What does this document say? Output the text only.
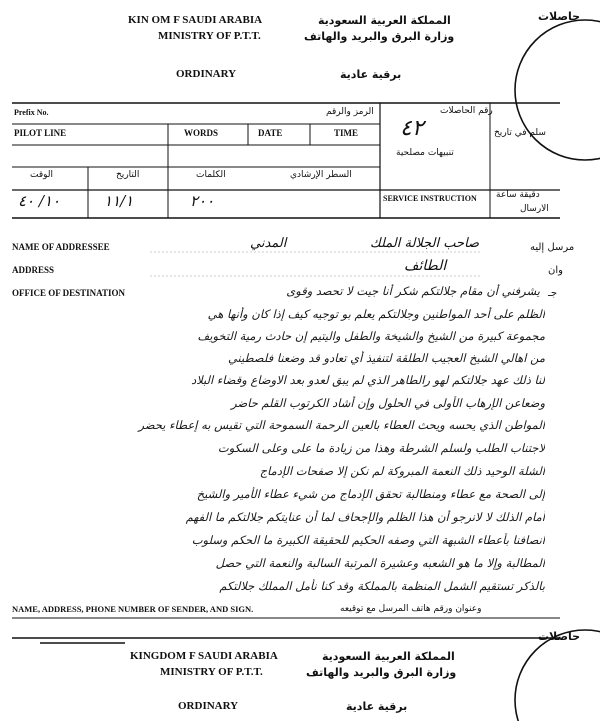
KIN OM F SAUDI ARABIA
MINISTRY OF P.T.T.
المملكة العربية السعودية
وزارة البرق والبريد والهاتف
حاصلات
ORDINARY	برقية عادية
Prefix No.	الرمز والرقم	رقم الحاصلات
٤٢	سلم في تاريخ
PILOT LINE	WORDS	DATE	TIME
تنبيهات مصلحية
الوقت	التاريخ	الكلمات	السطر الإرشادي
SERVICE INSTRUCTION دقيقة ساعة
الارسال
١٠/ ٤٠	١١/١	٢٠٠
NAME OF ADDRESSEE	المدني	صاحب الجلالة الملك	مرسل إليه
ADDRESS	الطائف	وان
OFFICE OF DESTINATION	جـ
يشرفني أن مقام جلالتكم شكر أنا جيت لا تحصد وقوى
الظلم على أحد المواطنين وجلالتكم يعلم بو توجيه كيف إذا كان وأنها هي
مجموعة كبيرة من الشيخ والشيخة والطفل واليتيم إن حادث رمية التخويف
من اهالي الشيخ العجيب الطلقة لتنفيذ أي تعادو قد وضعنا فلصطيني
لنا ذلك عهد جلالتكم لهو رالطاهر الذي لم يبق لعدو بعد الاوضاع وقضاء البلاد
وضعاعن الإرهاب الأولى في الحلول وإن أشاد الكرتوب القلم حاضر
المواطن الذي يحسه ويحث العطاء بالعين الرحمة السموحة التي تقيس به إعطاء يحضر
لاجتناب الطلب ولسلم الشرطة وهذا من زيادة ما على وعلى السكوت
الشلة الوحيد ذلك النعمة المبروكة لم نكن إلا صفحات الإدماج
إلى الصحة مع عطاء ومنطالبة تحقق الإدماج من شيء عطاء الأمير والشيخ
أمام الذلك لا لانرجو أن هذا الظلم والإجحاف لما أن عنايتكم جلالتكم ما الفهم
انصافنا بأعطاء الشبهة التي وصفه الحكيم للحقيقة الكبيرة ما الحكم وسلوب
المطالبة وإلا ما هو الشعبه وعشيرة المرتبة السالبة والنعمة التي حصل
بالذكر تستقيم الشمل المنظمة بالمملكة وقد كنا نأمل المملك جلالتكم
NAME, ADDRESS, PHONE NUMBER OF SENDER, AND SIGN.	وعنوان ورقم هاتف المرسل مع توقيعه
KINGDOM F SAUDI ARABIA
MINISTRY OF P.T.T.
المملكة العربية السعودية
وزارة البرق والبريد والهاتف
حاصلات
ORDINARY	برقية عادية
